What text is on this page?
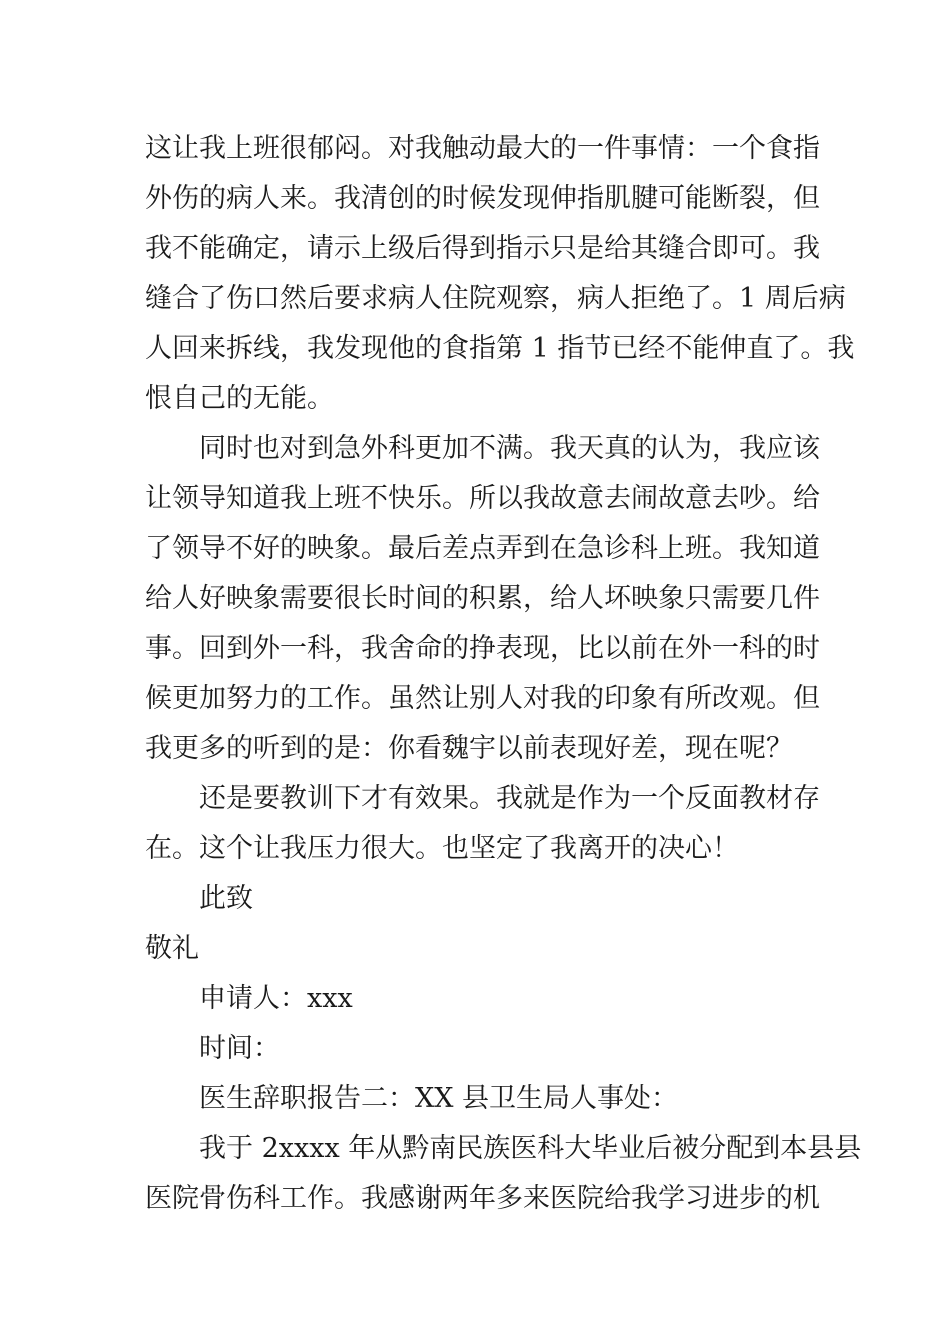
这让我上班很郁闷。对我触动最大的一件事情：一个食指
外伤的病人来。我清创的时候发现伸指肌腱可能断裂，但
我不能确定，请示上级后得到指示只是给其缝合即可。我
缝合了伤口然后要求病人住院观察，病人拒绝了。1 周后病
人回来拆线，我发现他的食指第 1 指节已经不能伸直了。我
恨自己的无能。
同时也对到急外科更加不满。我天真的认为，我应该
让领导知道我上班不快乐。所以我故意去闹故意去吵。给
了领导不好的映象。最后差点弄到在急诊科上班。我知道
给人好映象需要很长时间的积累，给人坏映象只需要几件
事。回到外一科，我舍命的挣表现，比以前在外一科的时
候更加努力的工作。虽然让别人对我的印象有所改观。但
我更多的听到的是：你看魏宇以前表现好差，现在呢？
还是要教训下才有效果。我就是作为一个反面教材存
在。这个让我压力很大。也坚定了我离开的决心！
此致
敬礼
申请人：xxx
时间：
医生辞职报告二：XX 县卫生局人事处：
我于 2xxxx 年从黔南民族医科大毕业后被分配到本县县
医院骨伤科工作。我感谢两年多来医院给我学习进步的机
